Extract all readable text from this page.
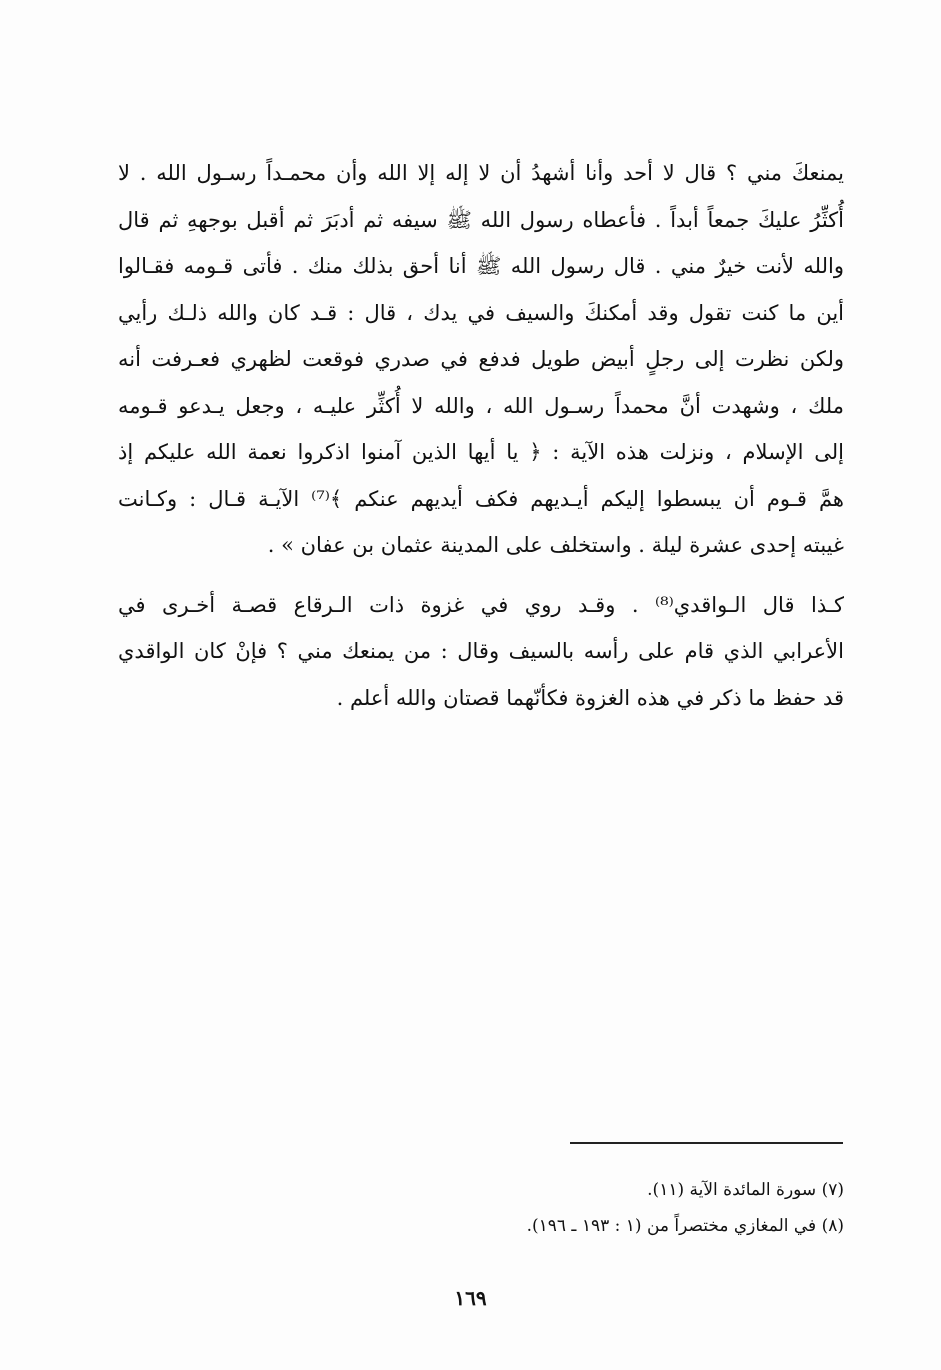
يمنعكَ مني ؟ قال لا أحد وأنا أشهدُ أن لا إله إلا الله وأن محمـداً رسـول الله . لا
أُكثِّرُ عليكَ جمعاً أبداً . فأعطاه رسول الله ﷺ سيفه ثم أدبَرَ ثم أقبل بوجههِ ثم قال
والله لأنت خيرٌ مني . قال رسول الله ﷺ أنا أحق بذلك منك . فأتى قـومه فقـالوا
أين ما كنت تقول وقد أمكنكَ والسيف في يدك ، قال : قـد كان والله ذلـك رأيي
ولكن نظرت إلى رجلٍ أبيض طويل فدفع في صدري فوقعت لظهري فعـرفت أنه
ملك ، وشهدت أنَّ محمداً رسـول الله ، والله لا أُكثِّر عليـه ، وجعل يـدعو قـومه
إلى الإسلام ، ونزلت هذه الآية : ﴿ يا أيها الذين آمنوا اذكروا نعمة الله عليكم إذ
همَّ قـوم أن يبسطوا إليكم أيـديهم فكف أيديهم عنكم ﴾⁽⁷⁾ الآيـة قـال : وكـانت
غيبته إحدى عشرة ليلة . واستخلف على المدينة عثمان بن عفان » .

كـذا قال الـواقدي⁽⁸⁾ . وقـد روي في غزوة ذات الـرقاع قصـة أخـرى في
الأعرابي الذي قام على رأسه بالسيف وقال : من يمنعك مني ؟ فإنْ كان الواقدي
قد حفظ ما ذكر في هذه الغزوة فكأنّهما قصتان والله أعلم .

(٧) سورة المائدة الآية (١١).

(٨) في المغازي مختصراً من (١ : ١٩٣ ـ ١٩٦).

١٦٩
